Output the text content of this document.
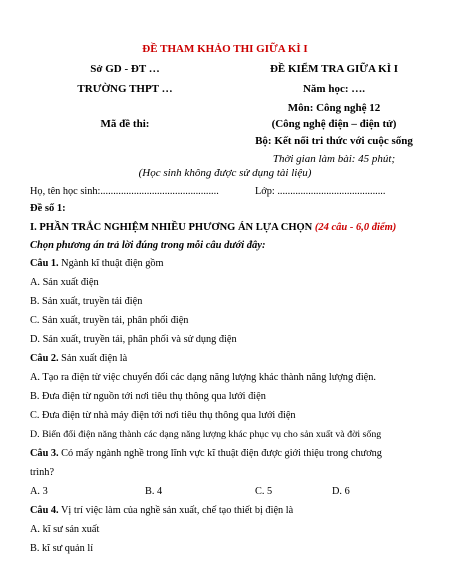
ĐỀ THAM KHẢO THI GIỮA KÌ I
Sở GD - ĐT …	ĐỀ KIỂM TRA GIỮA KÌ I
TRƯỜNG THPT …	Năm học: ….
Môn: Công nghệ 12
Mã đề thi:	(Công nghệ điện – điện tử)
Bộ: Kết nối tri thức với cuộc sống
Thời gian làm bài: 45 phút;
(Học sinh không được sử dụng tài liệu)
Họ, tên học sinh:..............................................	Lớp: ..........................................
Đề số 1:
I. PHẦN TRẮC NGHIỆM NHIỀU PHƯƠNG ÁN LỰA CHỌN (24 câu - 6,0 điểm)
Chọn phương án trả lời đúng trong mỗi câu dưới đây:
Câu 1. Ngành kĩ thuật điện gồm
A. Sản xuất điện
B. Sản xuất, truyền tải điện
C. Sản xuất, truyền tải, phân phối điện
D. Sản xuất, truyền tải, phân phối và sử dụng điện
Câu 2. Sản xuất điện là
A. Tạo ra điện từ việc chuyển đổi các dạng năng lượng khác thành năng lượng điện.
B. Đưa điện từ nguồn tới nơi tiêu thụ thông qua lưới điện
C. Đưa điện từ nhà máy điện tới nơi tiêu thụ thông qua lưới điện
D. Biến đổi điện năng thành các dạng năng lượng khác phục vụ cho sản xuất và đời sống
Câu 3. Có mấy ngành nghề trong lĩnh vực kĩ thuật điện được giới thiệu trong chương
trình?
A. 3	B. 4	C. 5	D. 6
Câu 4. Vị trí việc làm của nghề sản xuất, chế tạo thiết bị điện là
A. kĩ sư sản xuất
B. kĩ sư quản lí
